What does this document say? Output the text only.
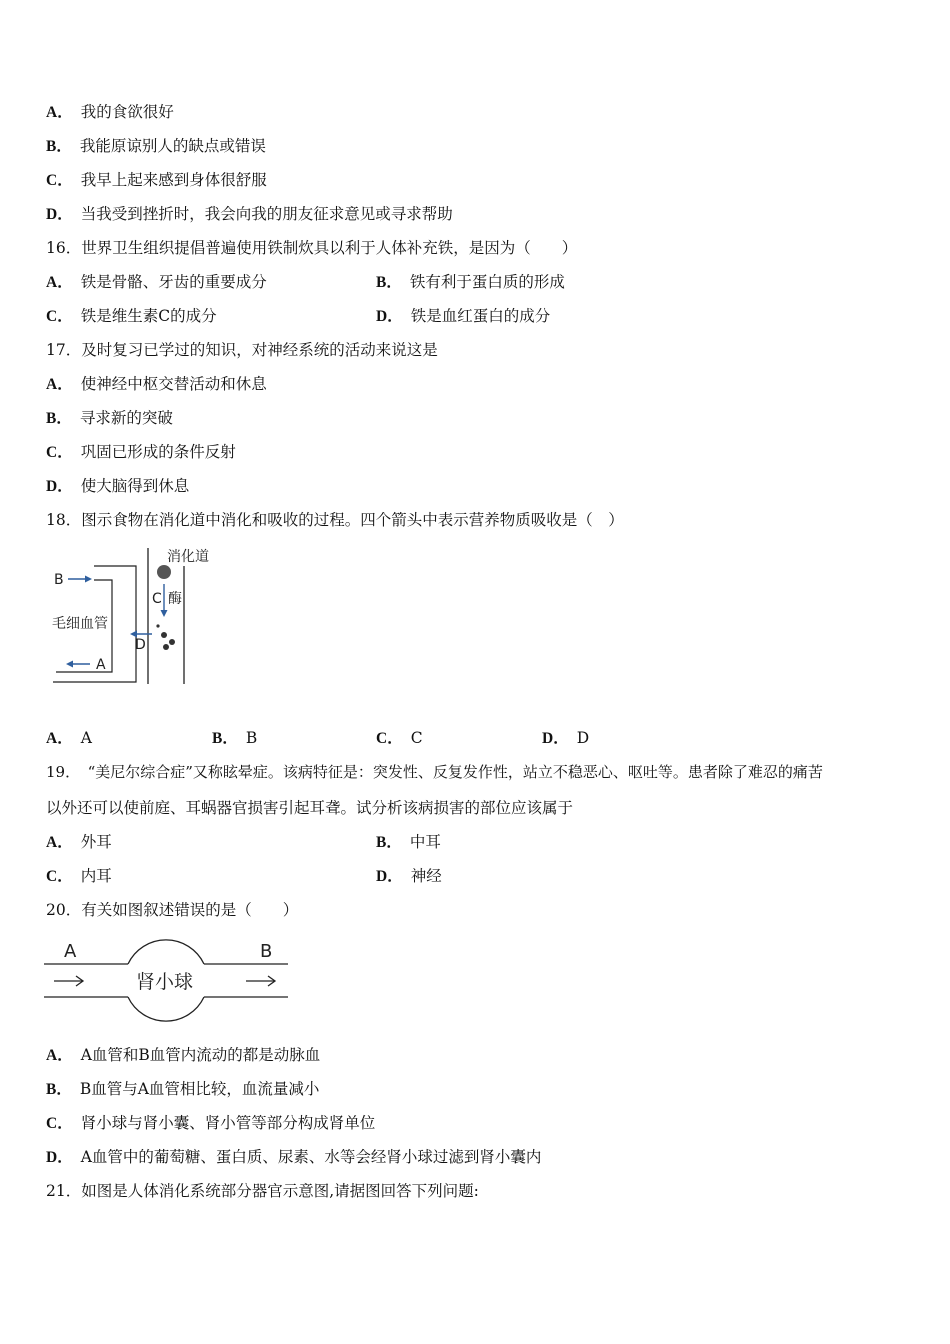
A． 我的食欲很好
B． 我能原谅别人的缺点或错误
C． 我早上起来感到身体很舒服
D． 当我受到挫折时，我会向我的朋友征求意见或寻求帮助
16．世界卫生组织提倡普遍使用铁制炊具以利于人体补充铁，是因为（　　）
A． 铁是骨骼、牙齿的重要成分	B． 铁有利于蛋白质的形成
C． 铁是维生素C的成分	D． 铁是血红蛋白的成分
17．及时复习已学过的知识，对神经系统的活动来说这是
A． 使神经中枢交替活动和休息
B． 寻求新的突破
C． 巩固已形成的条件反射
D． 使大脑得到休息
18．图示食物在消化道中消化和吸收的过程。四个箭头中表示营养物质吸收是（　）
消化道
毛细血管
B
A
C 酶
D
A． A	B． B	C． C	D． D
19．　“美尼尔综合症”又称眩晕症。该病特征是：突发性、反复发作性，站立不稳恶心、呕吐等。患者除了难忍的痛苦
以外还可以使前庭、耳蜗器官损害引起耳聋。试分析该病损害的部位应该属于
A． 外耳	B． 中耳
C． 内耳	D． 神经
20．有关如图叙述错误的是（　　）
A	B
肾小球
A． A血管和B血管内流动的都是动脉血
B． B血管与A血管相比较，血流量减小
C． 肾小球与肾小囊、肾小管等部分构成肾单位
D． A血管中的葡萄糖、蛋白质、尿素、水等会经肾小球过滤到肾小囊内
21．如图是人体消化系统部分器官示意图,请据图回答下列问题:
